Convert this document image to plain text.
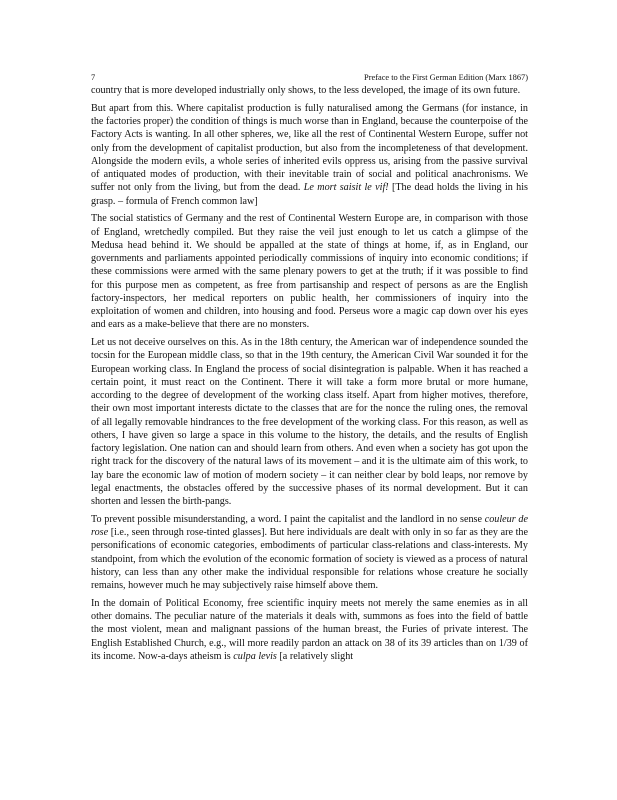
7	Preface to the First German Edition (Marx 1867)

country that is more developed industrially only shows, to the less developed, the image of its own future.

But apart from this. Where capitalist production is fully naturalised among the Germans (for instance, in the factories proper) the condition of things is much worse than in England, because the counterpoise of the Factory Acts is wanting. In all other spheres, we, like all the rest of Continental Western Europe, suffer not only from the development of capitalist production, but also from the incompleteness of that development. Alongside the modern evils, a whole series of inherited evils oppress us, arising from the passive survival of antiquated modes of production, with their inevitable train of social and political anachronisms. We suffer not only from the living, but from the dead. Le mort saisit le vif! [The dead holds the living in his grasp. – formula of French common law]

The social statistics of Germany and the rest of Continental Western Europe are, in comparison with those of England, wretchedly compiled. But they raise the veil just enough to let us catch a glimpse of the Medusa head behind it. We should be appalled at the state of things at home, if, as in England, our governments and parliaments appointed periodically commissions of inquiry into economic conditions; if these commissions were armed with the same plenary powers to get at the truth; if it was possible to find for this purpose men as competent, as free from partisanship and respect of persons as are the English factory-inspectors, her medical reporters on public health, her commissioners of inquiry into the exploitation of women and children, into housing and food. Perseus wore a magic cap down over his eyes and ears as a make-believe that there are no monsters.

Let us not deceive ourselves on this. As in the 18th century, the American war of independence sounded the tocsin for the European middle class, so that in the 19th century, the American Civil War sounded it for the European working class. In England the process of social disintegration is palpable. When it has reached a certain point, it must react on the Continent. There it will take a form more brutal or more humane, according to the degree of development of the working class itself. Apart from higher motives, therefore, their own most important interests dictate to the classes that are for the nonce the ruling ones, the removal of all legally removable hindrances to the free development of the working class. For this reason, as well as others, I have given so large a space in this volume to the history, the details, and the results of English factory legislation. One nation can and should learn from others. And even when a society has got upon the right track for the discovery of the natural laws of its movement – and it is the ultimate aim of this work, to lay bare the economic law of motion of modern society – it can neither clear by bold leaps, nor remove by legal enactments, the obstacles offered by the successive phases of its normal development. But it can shorten and lessen the birth-pangs.

To prevent possible misunderstanding, a word. I paint the capitalist and the landlord in no sense couleur de rose [i.e., seen through rose-tinted glasses]. But here individuals are dealt with only in so far as they are the personifications of economic categories, embodiments of particular class-relations and class-interests. My standpoint, from which the evolution of the economic formation of society is viewed as a process of natural history, can less than any other make the individual responsible for relations whose creature he socially remains, however much he may subjectively raise himself above them.

In the domain of Political Economy, free scientific inquiry meets not merely the same enemies as in all other domains. The peculiar nature of the materials it deals with, summons as foes into the field of battle the most violent, mean and malignant passions of the human breast, the Furies of private interest. The English Established Church, e.g., will more readily pardon an attack on 38 of its 39 articles than on 1/39 of its income. Now-a-days atheism is culpa levis [a relatively slight
